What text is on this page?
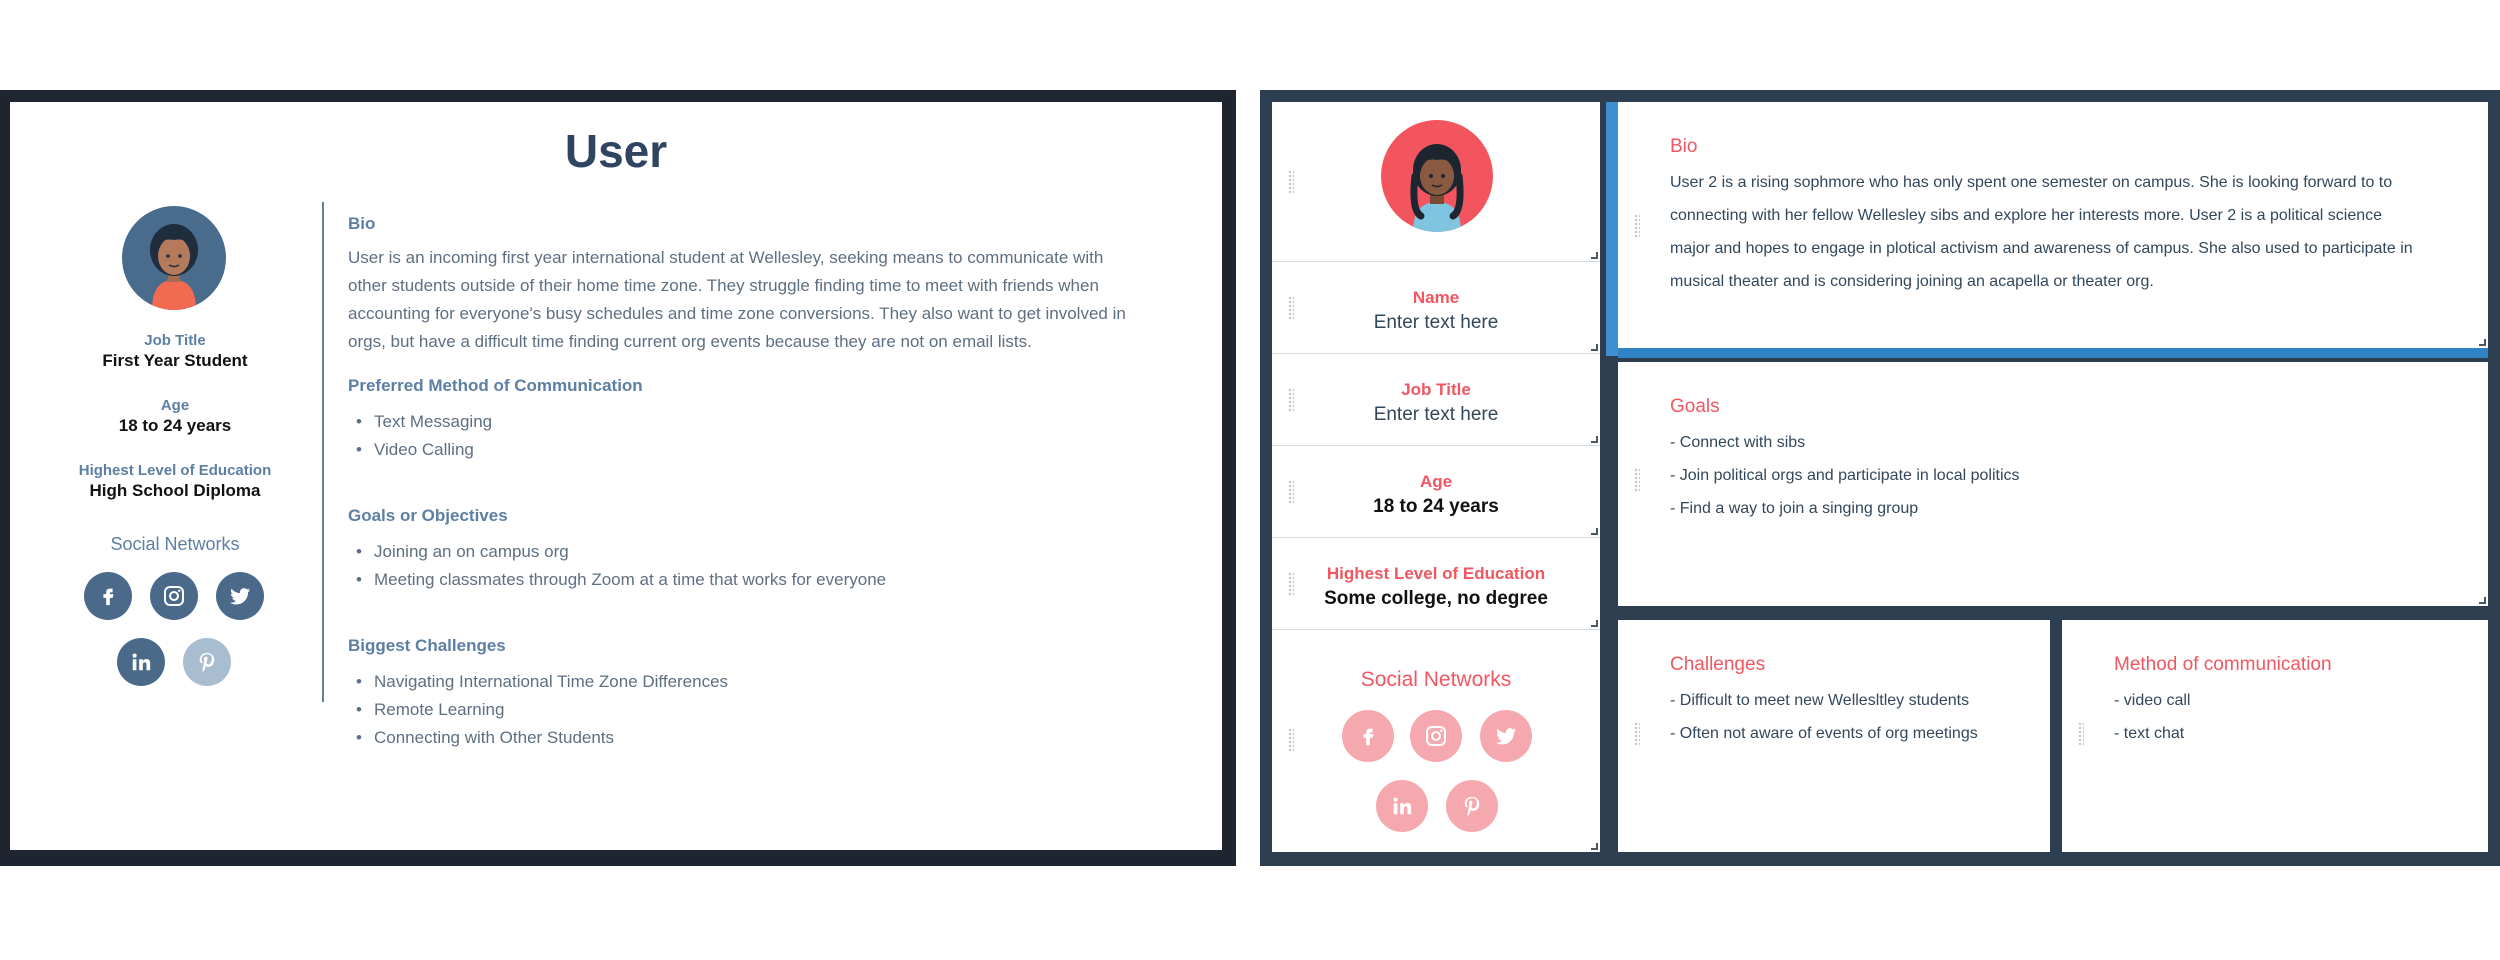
User
Job Title
First Year Student
Age
18 to 24 years
Highest Level of Education
High School Diploma
Social Networks
Bio
User is an incoming first year international student at Wellesley, seeking means to communicate with other students outside of their home time zone. They struggle finding time to meet with friends when accounting for everyone's busy schedules and time zone conversions. They also want to get involved in orgs, but have a difficult time finding current org events because they are not on email lists.
Preferred Method of Communication
• Text Messaging
• Video Calling
Goals or Objectives
• Joining an on campus org
• Meeting classmates through Zoom at a time that works for everyone
Biggest Challenges
• Navigating International Time Zone Differences
• Remote Learning
• Connecting with Other Students
Name
Enter text here
Job Title
Enter text here
Age
18 to 24 years
Highest Level of Education
Some college, no degree
Social Networks
Bio
User 2 is a rising sophmore who has only spent one semester on campus. She is looking forward to to
connecting with her fellow Wellesley sibs and explore her interests more. User 2 is a political science
major and hopes to engage in plotical activism and awareness of campus. She also used to participate in
musical theater and is considering joining an acapella or theater org.
Goals
- Connect with sibs
- Join political orgs and participate in local politics
- Find a way to join a singing group
Challenges
- Difficult to meet new Wellesltley students
- Often not aware of events of org meetings
Method of communication
- video call
- text chat
